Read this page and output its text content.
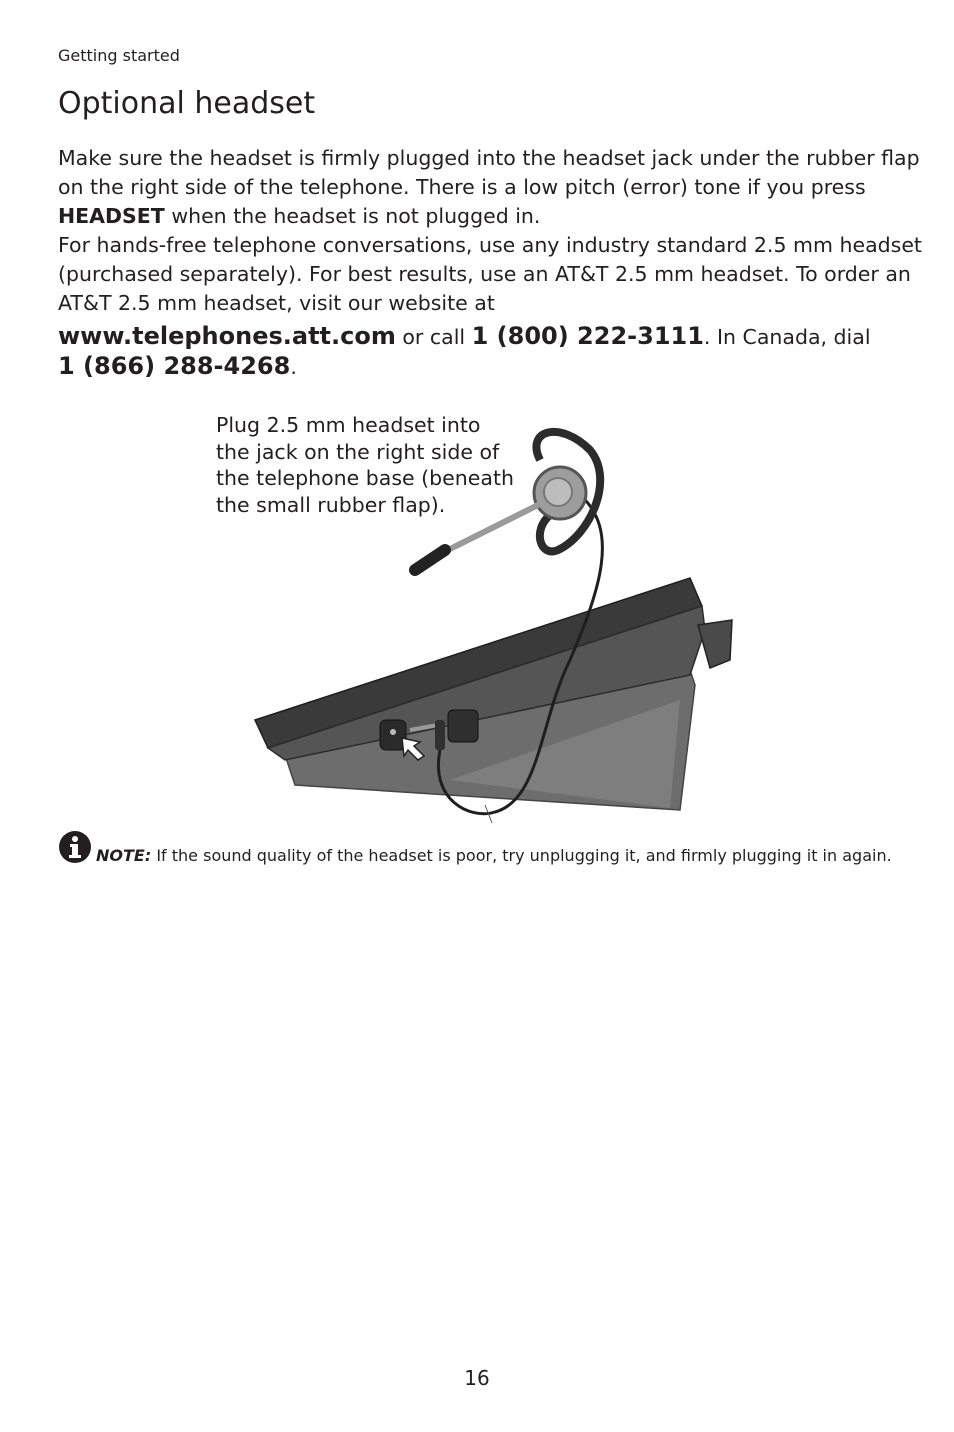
Getting started
Optional headset

Make sure the headset is firmly plugged into the headset jack under the rubber flap on the right side of the telephone. There is a low pitch (error) tone if you press HEADSET when the headset is not plugged in.

For hands-free telephone conversations, use any industry standard 2.5 mm headset (purchased separately). For best results, use an AT&T 2.5 mm headset. To order an AT&T 2.5 mm headset, visit our website at

www.telephones.att.com or call 1 (800) 222-3111. In Canada, dial
1 (866) 288-4268.

Plug 2.5 mm headset into the jack on the right side of the telephone base (beneath the small rubber flap).
NOTE: If the sound quality of the headset is poor, try unplugging it, and firmly plugging it in again.
16
